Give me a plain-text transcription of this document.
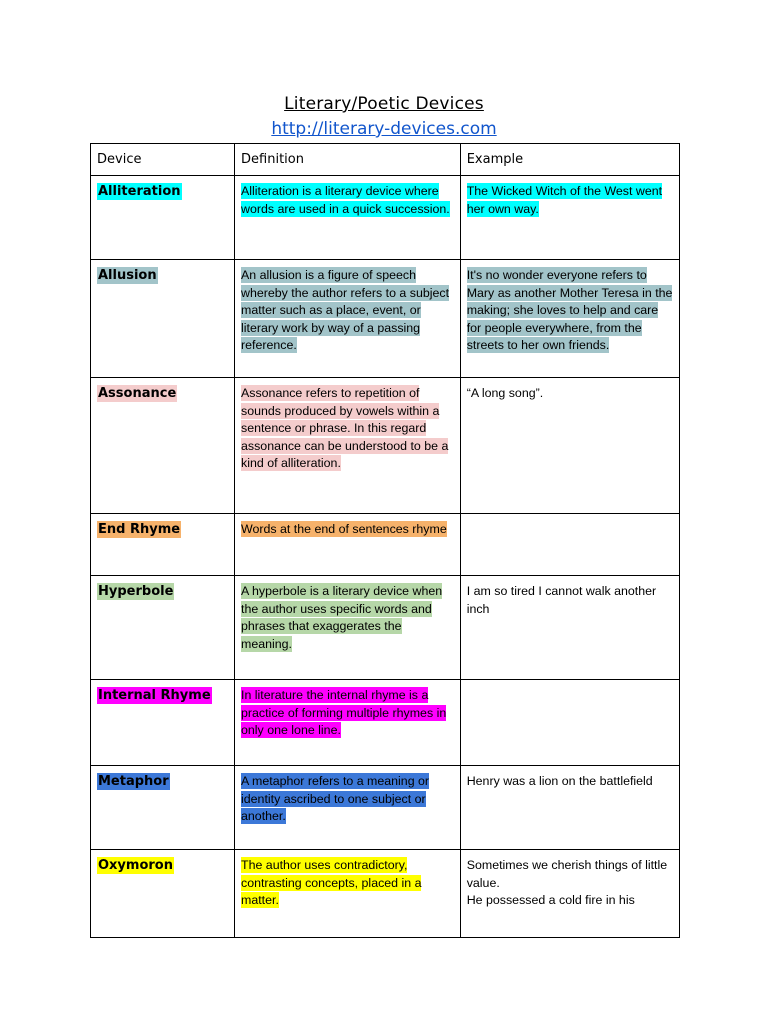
Literary/Poetic Devices
http://literary-devices.com
Device	Definition	Example
Alliteration	Alliteration is a literary device where words are used in a quick succession.	The Wicked Witch of the West went her own way.
Allusion	An allusion is a figure of speech whereby the author refers to a subject matter such as a place, event, or literary work by way of a passing reference.	It's no wonder everyone refers to Mary as another Mother Teresa in the making; she loves to help and care for people everywhere, from the streets to her own friends.
Assonance	Assonance refers to repetition of sounds produced by vowels within a sentence or phrase. In this regard assonance can be understood to be a kind of alliteration.	“A long song”.
End Rhyme	Words at the end of sentences rhyme	
Hyperbole	A hyperbole is a literary device when the author uses specific words and phrases that exaggerates the meaning.	I am so tired I cannot walk another inch
Internal Rhyme	In literature the internal rhyme is a practice of forming multiple rhymes in only one lone line.	
Metaphor	A metaphor refers to a meaning or identity ascribed to one subject or another.	Henry was a lion on the battlefield
Oxymoron	The author uses contradictory, contrasting concepts, placed in a matter.	Sometimes we cherish things of little value.
He possessed a cold fire in his
